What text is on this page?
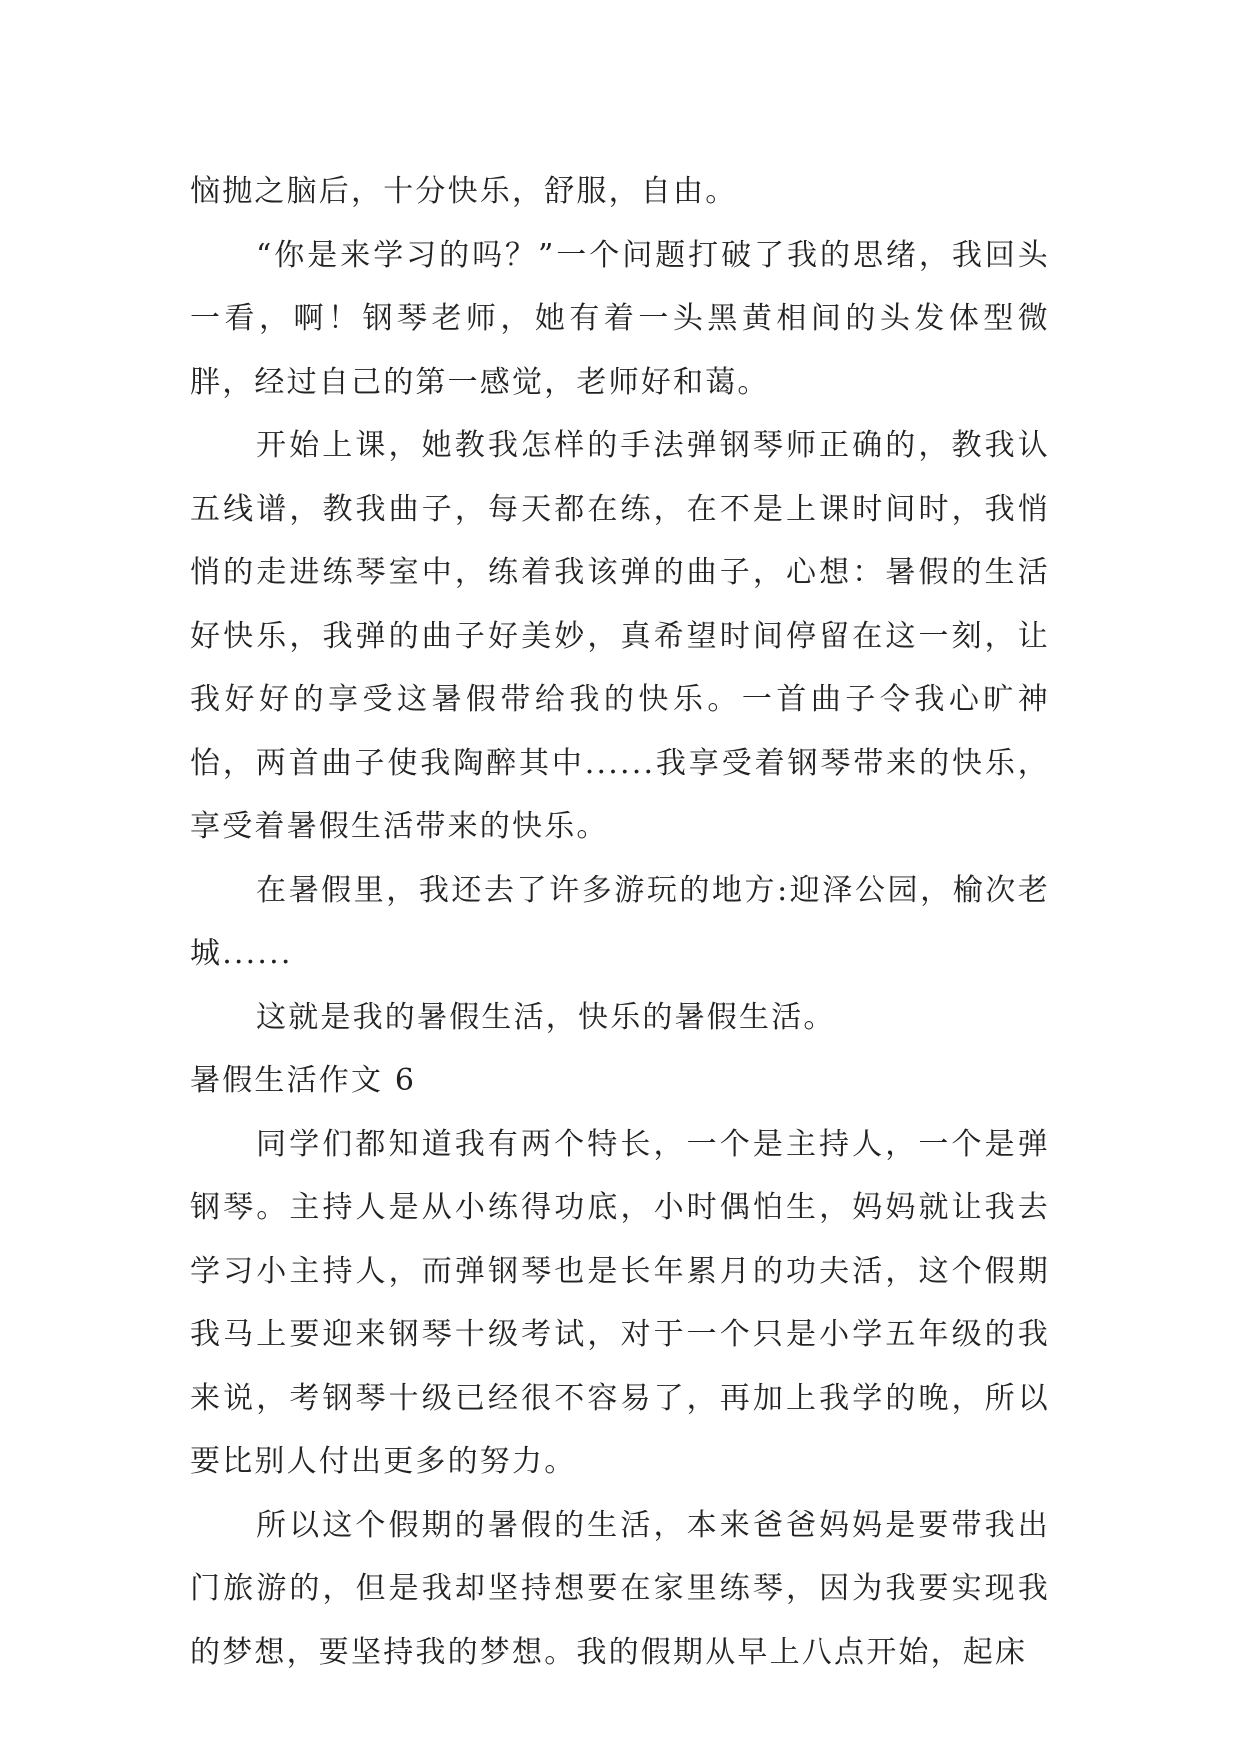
恼抛之脑后，十分快乐，舒服，自由。

“你是来学习的吗？”一个问题打破了我的思绪，我回头一看，啊！钢琴老师，她有着一头黑黄相间的头发体型微胖，经过自己的第一感觉，老师好和蔼。

开始上课，她教我怎样的手法弹钢琴师正确的，教我认五线谱，教我曲子，每天都在练，在不是上课时间时，我悄悄的走进练琴室中，练着我该弹的曲子，心想：暑假的生活好快乐，我弹的曲子好美妙，真希望时间停留在这一刻，让我好好的享受这暑假带给我的快乐。一首曲子令我心旷神怡，两首曲子使我陶醉其中......我享受着钢琴带来的快乐，享受着暑假生活带来的快乐。

在暑假里，我还去了许多游玩的地方:迎泽公园，榆次老城......

这就是我的暑假生活，快乐的暑假生活。

暑假生活作文 6

同学们都知道我有两个特长，一个是主持人，一个是弹钢琴。主持人是从小练得功底，小时偶怕生，妈妈就让我去学习小主持人，而弹钢琴也是长年累月的功夫活，这个假期我马上要迎来钢琴十级考试，对于一个只是小学五年级的我来说，考钢琴十级已经很不容易了，再加上我学的晚，所以要比别人付出更多的努力。

所以这个假期的暑假的生活，本来爸爸妈妈是要带我出门旅游的，但是我却坚持想要在家里练琴，因为我要实现我的梦想，要坚持我的梦想。我的假期从早上八点开始，起床
